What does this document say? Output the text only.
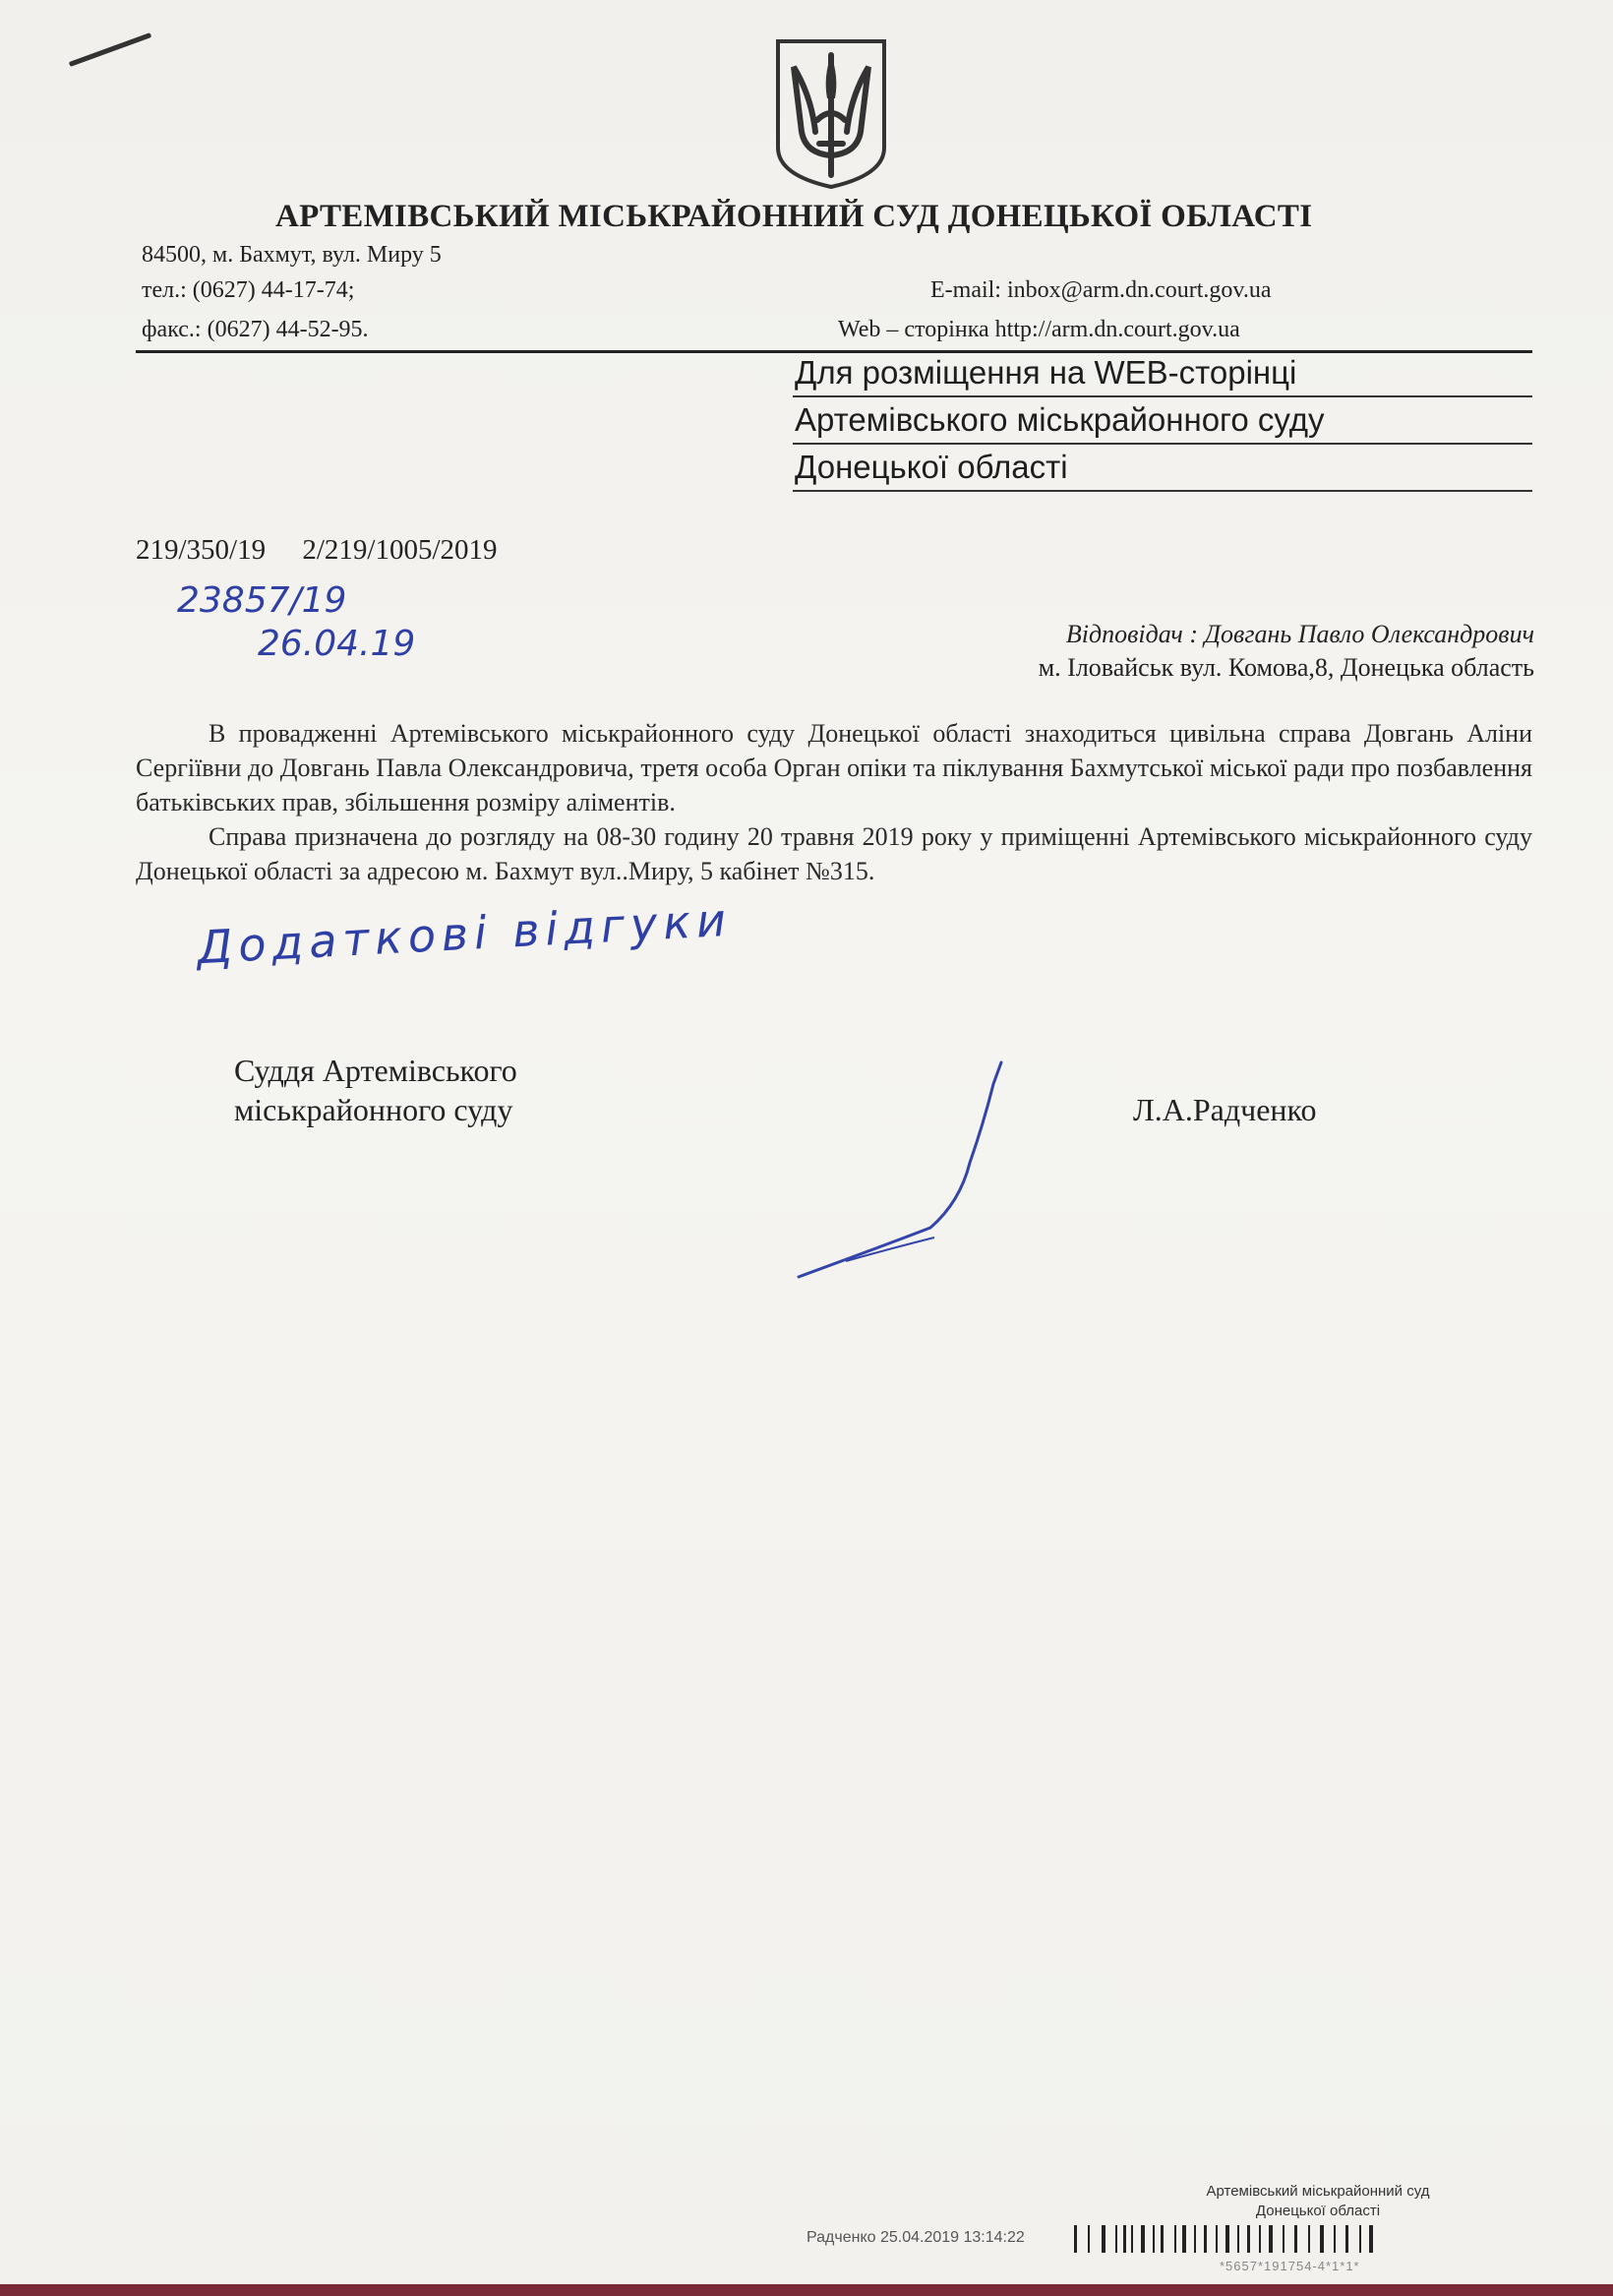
АРТЕМІВСЬКИЙ МІСЬКРАЙОННИЙ СУД ДОНЕЦЬКОЇ ОБЛАСТІ
84500, м. Бахмут, вул. Миру 5
тел.: (0627) 44-17-74;	E-mail: inbox@arm.dn.court.gov.ua
факс.: (0627) 44-52-95.	Web – сторінка http://arm.dn.court.gov.ua
Для розміщення на WEB-сторінці
Артемівського міськрайонного суду
Донецької області
219/350/19 2/219/1005/2019
23857/19
26.04.19	Відповідач : Довгань Павло Олександрович
м. Іловайськ вул. Комова,8, Донецька область

В провадженні Артемівського міськрайонного суду Донецької області знаходиться цивільна справа Довгань Аліни Сергіївни до Довгань Павла Олександровича, третя особа Орган опіки та піклування Бахмутської міської ради про позбавлення батьківських прав, збільшення розміру аліментів.

Справа призначена до розгляду на 08-30 годину 20 травня 2019 року у приміщенні Артемівського міськрайонного суду Донецької області за адресою м. Бахмут вул..Миру, 5 кабінет №315.

Додаткові відгуки
Суддя Артемівського
міськрайонного суду	Л.А.Радченко
Артемівський міськрайонний суд
Донецької області
Радченко 25.04.2019 13:14:22
*5657*191754-4*1*1*
